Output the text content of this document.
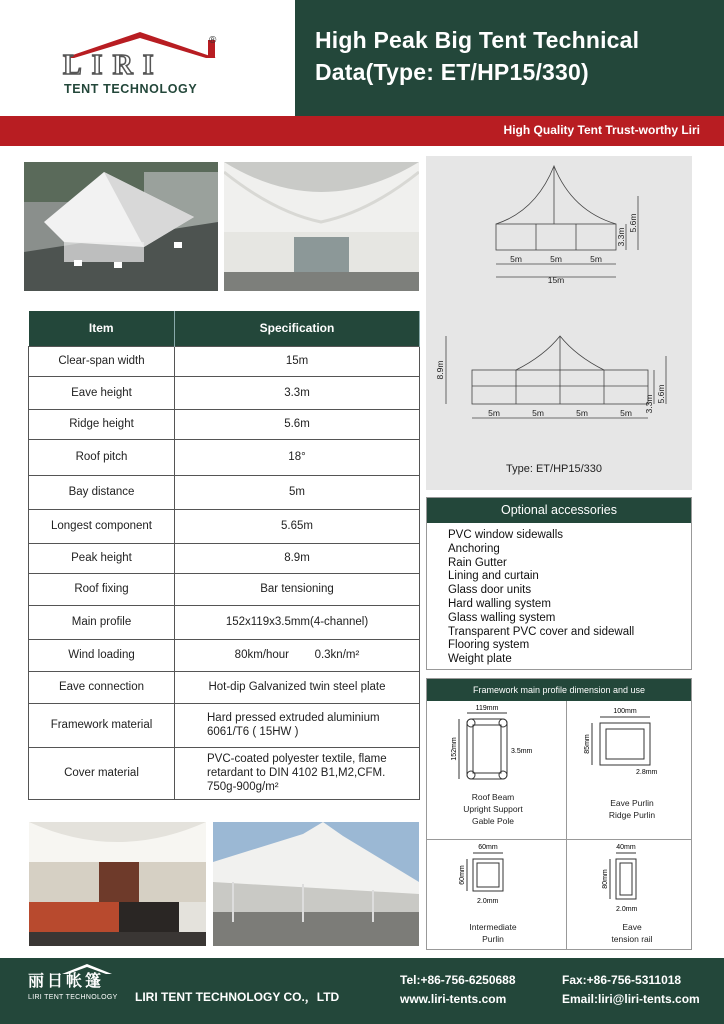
LIRI
®
TENT TECHNOLOGY
High Peak Big Tent Technical Data(Type: ET/HP15/330)
High Quality Tent Trust-worthy Liri
Item	Specification
Clear-span width	15m
Eave height	3.3m
Ridge height	5.6m
Roof pitch	18°
Bay distance	5m
Longest component	5.65m
Peak height	8.9m
Roof fixing	Bar tensioning
Main profile	152x119x3.5mm(4-channel)
Wind loading	80km/hour        0.3kn/m²
Eave connection	Hot-dip Galvanized twin steel plate
Framework material	Hard pressed extruded aluminium 6061/T6 ( 15HW )
Cover material	PVC-coated polyester textile, flame retardant to DIN 4102 B1,M2,CFM. 750g-900g/m²
5m	5m	5m
15m
5m	5m	5m	5m
3.3m
5.6m
8.9m
3.3m
5.6m
Type: ET/HP15/330
Optional accessories
PVC window sidewalls
Anchoring
Rain Gutter
Lining and curtain
Glass door units
Hard walling system
Glass walling system
Transparent PVC cover and sidewall
Flooring system
Weight plate
Framework main profile dimension and use
119mm
152mm	3.5mm
Roof Beam
Upright Support
Gable Pole
100mm
85mm
2.8mm
Eave Purlin
Ridge Purlin
60mm
60mm
2.0mm
Intermediate
Purlin
40mm
80mm
2.0mm
Eave
tension rail
丽日帐篷
LIRI TENT TECHNOLOGY LIRI TENT TECHNOLOGY CO.，LTD
Tel:+86-756-6250688	Fax:+86-756-5311018
www.liri-tents.com	Email:liri@liri-tents.com
